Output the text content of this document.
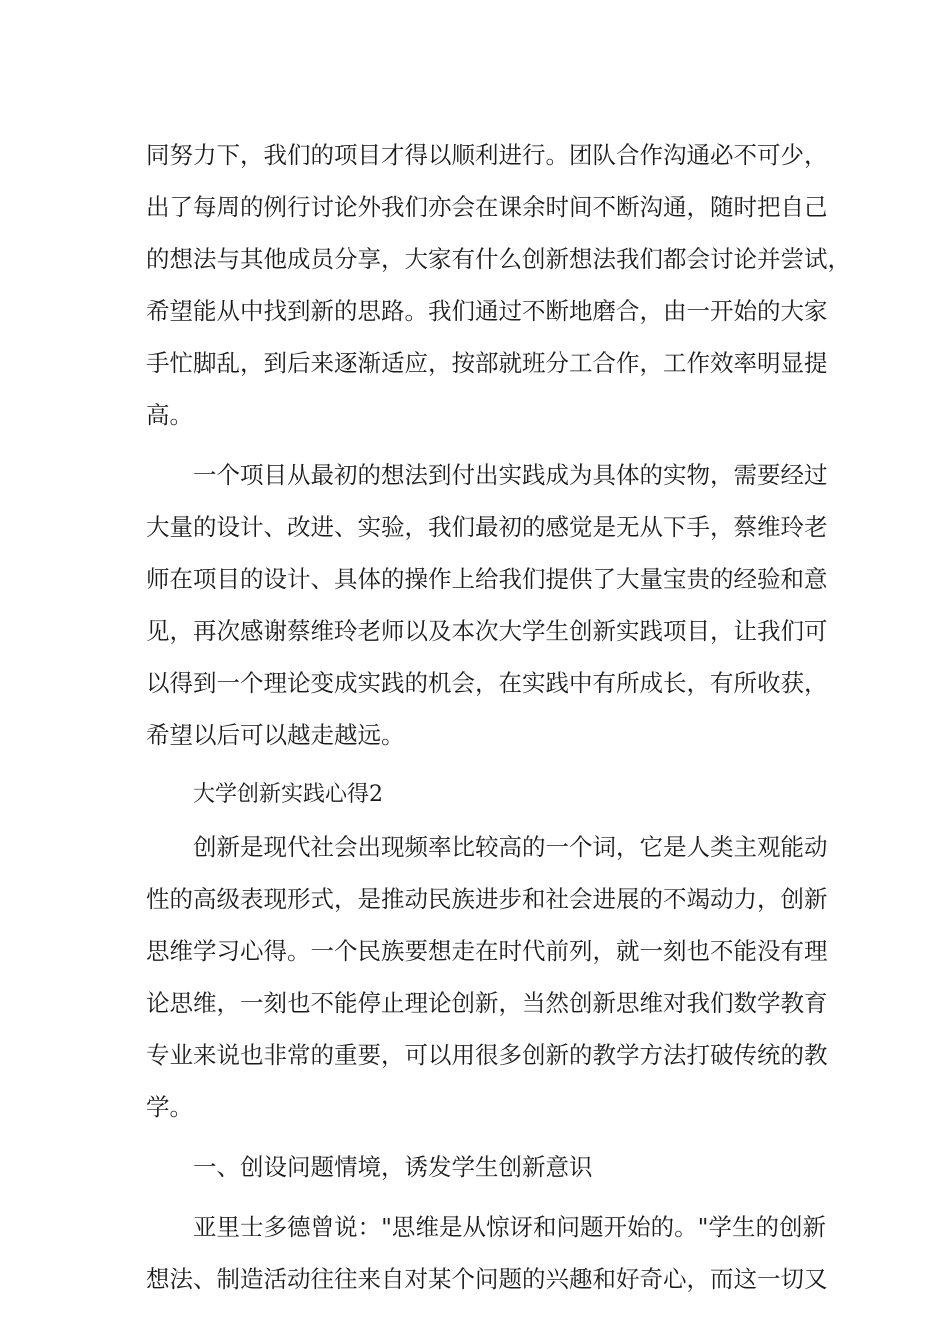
同努力下，我们的项目才得以顺利进行。团队合作沟通必不可少，
出了每周的例行讨论外我们亦会在课余时间不断沟通，随时把自己
的想法与其他成员分享，大家有什么创新想法我们都会讨论并尝试，
希望能从中找到新的思路。我们通过不断地磨合，由一开始的大家
手忙脚乱，到后来逐渐适应，按部就班分工合作，工作效率明显提
高。
一个项目从最初的想法到付出实践成为具体的实物，需要经过
大量的设计、改进、实验，我们最初的感觉是无从下手，蔡维玲老
师在项目的设计、具体的操作上给我们提供了大量宝贵的经验和意
见，再次感谢蔡维玲老师以及本次大学生创新实践项目，让我们可
以得到一个理论变成实践的机会，在实践中有所成长，有所收获，
希望以后可以越走越远。
大学创新实践心得2
创新是现代社会出现频率比较高的一个词，它是人类主观能动
性的高级表现形式，是推动民族进步和社会进展的不竭动力，创新
思维学习心得。一个民族要想走在时代前列，就一刻也不能没有理
论思维，一刻也不能停止理论创新，当然创新思维对我们数学教育
专业来说也非常的重要，可以用很多创新的教学方法打破传统的教
学。
一、创设问题情境，诱发学生创新意识
亚里士多德曾说："思维是从惊讶和问题开始的。"学生的创新
想法、制造活动往往来自对某个问题的兴趣和好奇心，而这一切又
